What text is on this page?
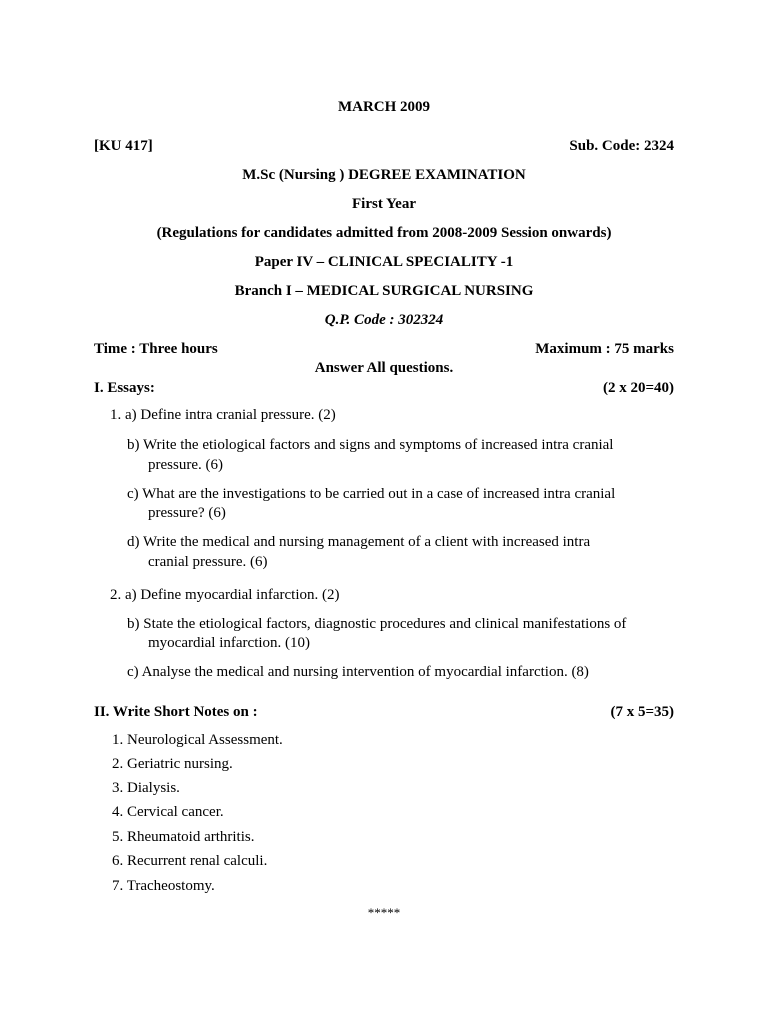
MARCH 2009
[KU 417]	Sub. Code: 2324
M.Sc (Nursing ) DEGREE EXAMINATION
First Year
(Regulations for candidates admitted from 2008-2009 Session onwards)
Paper IV – CLINICAL SPECIALITY -1
Branch I – MEDICAL SURGICAL NURSING
Q.P. Code : 302324
Time : Three hours	Maximum : 75 marks
Answer All questions.
I. Essays:	(2 x 20=40)
1. a) Define intra cranial pressure. (2)
b) Write the etiological factors and signs and symptoms of increased intra cranial
pressure. (6)
c) What are the investigations to be carried out in a case of increased intra cranial
pressure? (6)
d) Write the medical and nursing management of a client with increased intra
cranial pressure. (6)
2. a) Define myocardial infarction. (2)
b) State the etiological factors, diagnostic procedures and clinical manifestations of
myocardial infarction. (10)
c) Analyse the medical and nursing intervention of myocardial infarction. (8)
II. Write Short Notes on :	(7 x 5=35)
1. Neurological Assessment.
2. Geriatric nursing.
3. Dialysis.
4. Cervical cancer.
5. Rheumatoid arthritis.
6. Recurrent renal calculi.
7. Tracheostomy.
*****
